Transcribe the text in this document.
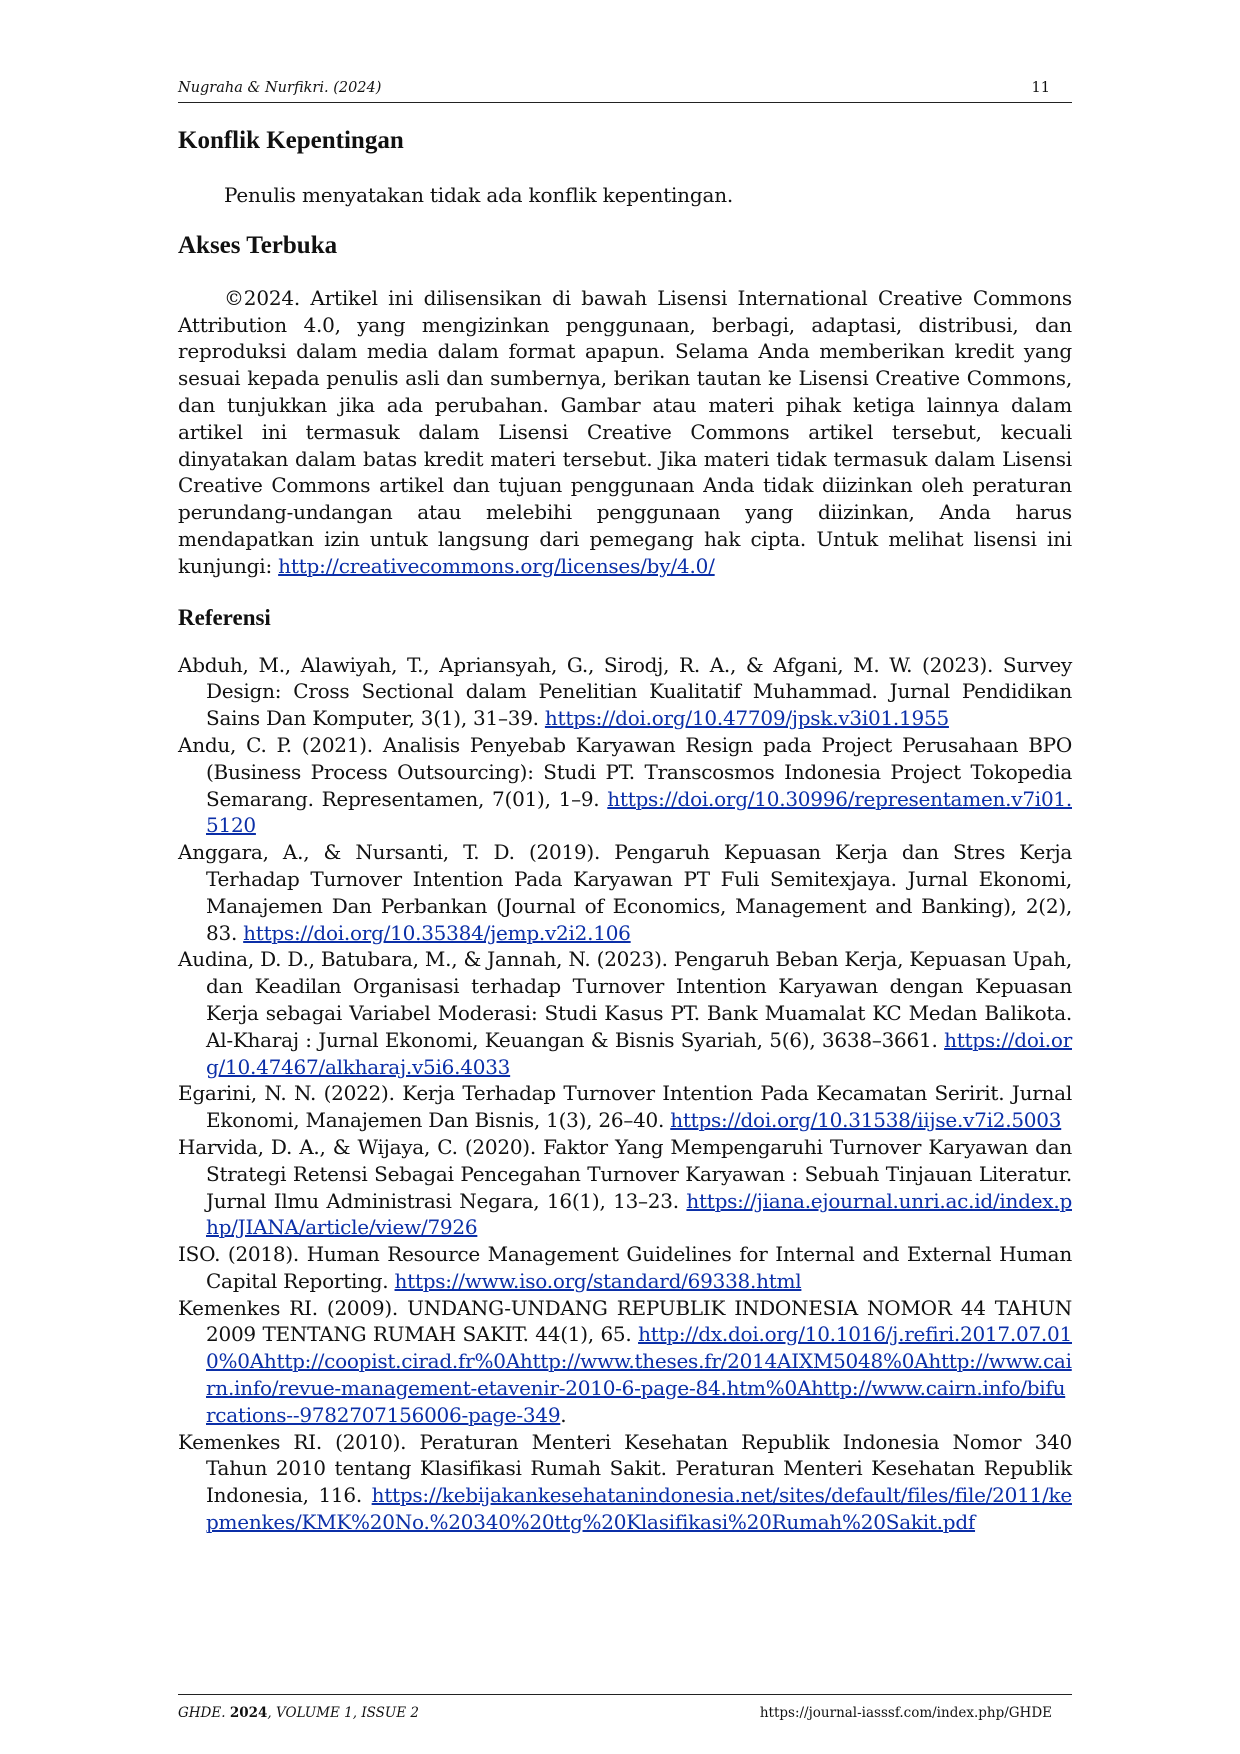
Nugraha & Nurfikri. (2024)	11
Konflik Kepentingan

Penulis menyatakan tidak ada konflik kepentingan.

Akses Terbuka

©2024. Artikel ini dilisensikan di bawah Lisensi International Creative Commons Attribution 4.0, yang mengizinkan penggunaan, berbagi, adaptasi, distribusi, dan reproduksi dalam media dalam format apapun. Selama Anda memberikan kredit yang sesuai kepada penulis asli dan sumbernya, berikan tautan ke Lisensi Creative Commons, dan tunjukkan jika ada perubahan. Gambar atau materi pihak ketiga lainnya dalam artikel ini termasuk dalam Lisensi Creative Commons artikel tersebut, kecuali dinyatakan dalam batas kredit materi tersebut. Jika materi tidak termasuk dalam Lisensi Creative Commons artikel dan tujuan penggunaan Anda tidak diizinkan oleh peraturan perundang-undangan atau melebihi penggunaan yang diizinkan, Anda harus mendapatkan izin untuk langsung dari pemegang hak cipta. Untuk melihat lisensi ini kunjungi: http://creativecommons.org/licenses/by/4.0/

Referensi

Abduh, M., Alawiyah, T., Apriansyah, G., Sirodj, R. A., & Afgani, M. W. (2023). Survey Design: Cross Sectional dalam Penelitian Kualitatif Muhammad. Jurnal Pendidikan Sains Dan Komputer, 3(1), 31–39. https://doi.org/10.47709/jpsk.v3i01.1955

Andu, C. P. (2021). Analisis Penyebab Karyawan Resign pada Project Perusahaan BPO (Business Process Outsourcing): Studi PT. Transcosmos Indonesia Project Tokopedia Semarang. Representamen, 7(01), 1–9. https://doi.org/10.30996/representamen.v7i01.5120

Anggara, A., & Nursanti, T. D. (2019). Pengaruh Kepuasan Kerja dan Stres Kerja Terhadap Turnover Intention Pada Karyawan PT Fuli Semitexjaya. Jurnal Ekonomi, Manajemen Dan Perbankan (Journal of Economics, Management and Banking), 2(2), 83. https://doi.org/10.35384/jemp.v2i2.106

Audina, D. D., Batubara, M., & Jannah, N. (2023). Pengaruh Beban Kerja, Kepuasan Upah, dan Keadilan Organisasi terhadap Turnover Intention Karyawan dengan Kepuasan Kerja sebagai Variabel Moderasi: Studi Kasus PT. Bank Muamalat KC Medan Balikota. Al-Kharaj : Jurnal Ekonomi, Keuangan & Bisnis Syariah, 5(6), 3638–3661. https://doi.org/10.47467/alkharaj.v5i6.4033

Egarini, N. N. (2022). Kerja Terhadap Turnover Intention Pada Kecamatan Seririt. Jurnal Ekonomi, Manajemen Dan Bisnis, 1(3), 26–40. https://doi.org/10.31538/iijse.v7i2.5003

Harvida, D. A., & Wijaya, C. (2020). Faktor Yang Mempengaruhi Turnover Karyawan dan Strategi Retensi Sebagai Pencegahan Turnover Karyawan : Sebuah Tinjauan Literatur. Jurnal Ilmu Administrasi Negara, 16(1), 13–23. https://jiana.ejournal.unri.ac.id/index.php/JIANA/article/view/7926

ISO. (2018). Human Resource Management Guidelines for Internal and External Human Capital Reporting. https://www.iso.org/standard/69338.html

Kemenkes RI. (2009). UNDANG-UNDANG REPUBLIK INDONESIA NOMOR 44 TAHUN 2009 TENTANG RUMAH SAKIT. 44(1), 65. http://dx.doi.org/10.1016/j.refiri.2017.07.010%0Ahttp://coopist.cirad.fr%0Ahttp://www.theses.fr/2014AIXM5048%0Ahttp://www.cairn.info/revue-management-etavenir-2010-6-page-84.htm%0Ahttp://www.cairn.info/bifurcations--9782707156006-page-349.

Kemenkes RI. (2010). Peraturan Menteri Kesehatan Republik Indonesia Nomor 340 Tahun 2010 tentang Klasifikasi Rumah Sakit. Peraturan Menteri Kesehatan Republik Indonesia, 116. https://kebijakankesehatanindonesia.net/sites/default/files/file/2011/kepmenkes/KMK%20No.%20340%20ttg%20Klasifikasi%20Rumah%20Sakit.pdf

GHDE. 2024, VOLUME 1, ISSUE 2	https://journal-iasssf.com/index.php/GHDE
